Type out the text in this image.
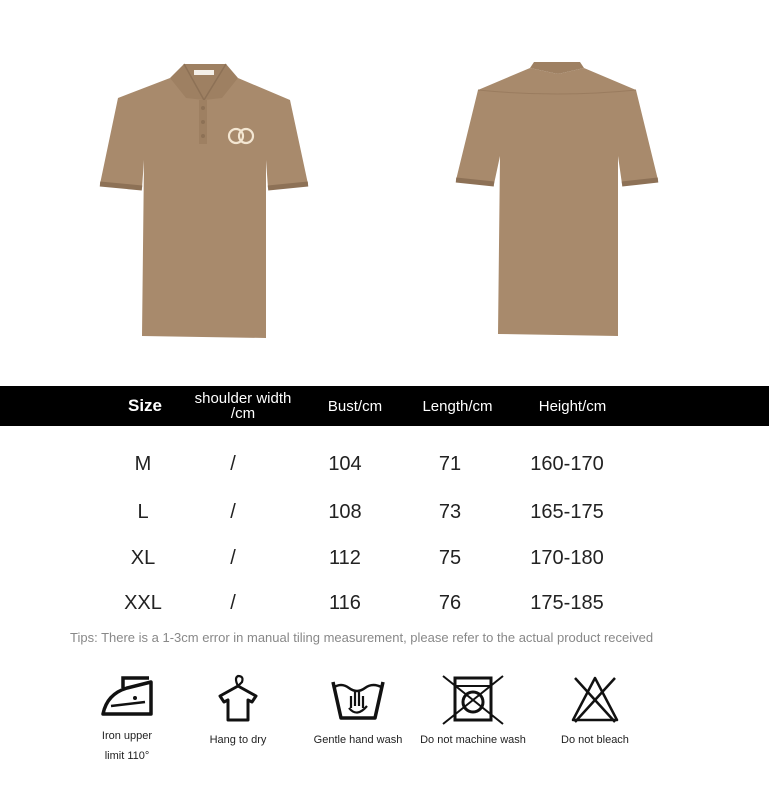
Size	shoulder width
/cm	Bust/cm	Length/cm	Height/cm
M	/	104	71	160-170
L	/	108	73	165-175
XL	/	112	75	170-180
XXL	/	116	76	175-185
Tips: There is a 1-3cm error in manual tiling measurement, please refer to the actual product received
Iron upper
limit 110°
Hang to dry	Gentle hand wash	Do not machine wash	Do not bleach
